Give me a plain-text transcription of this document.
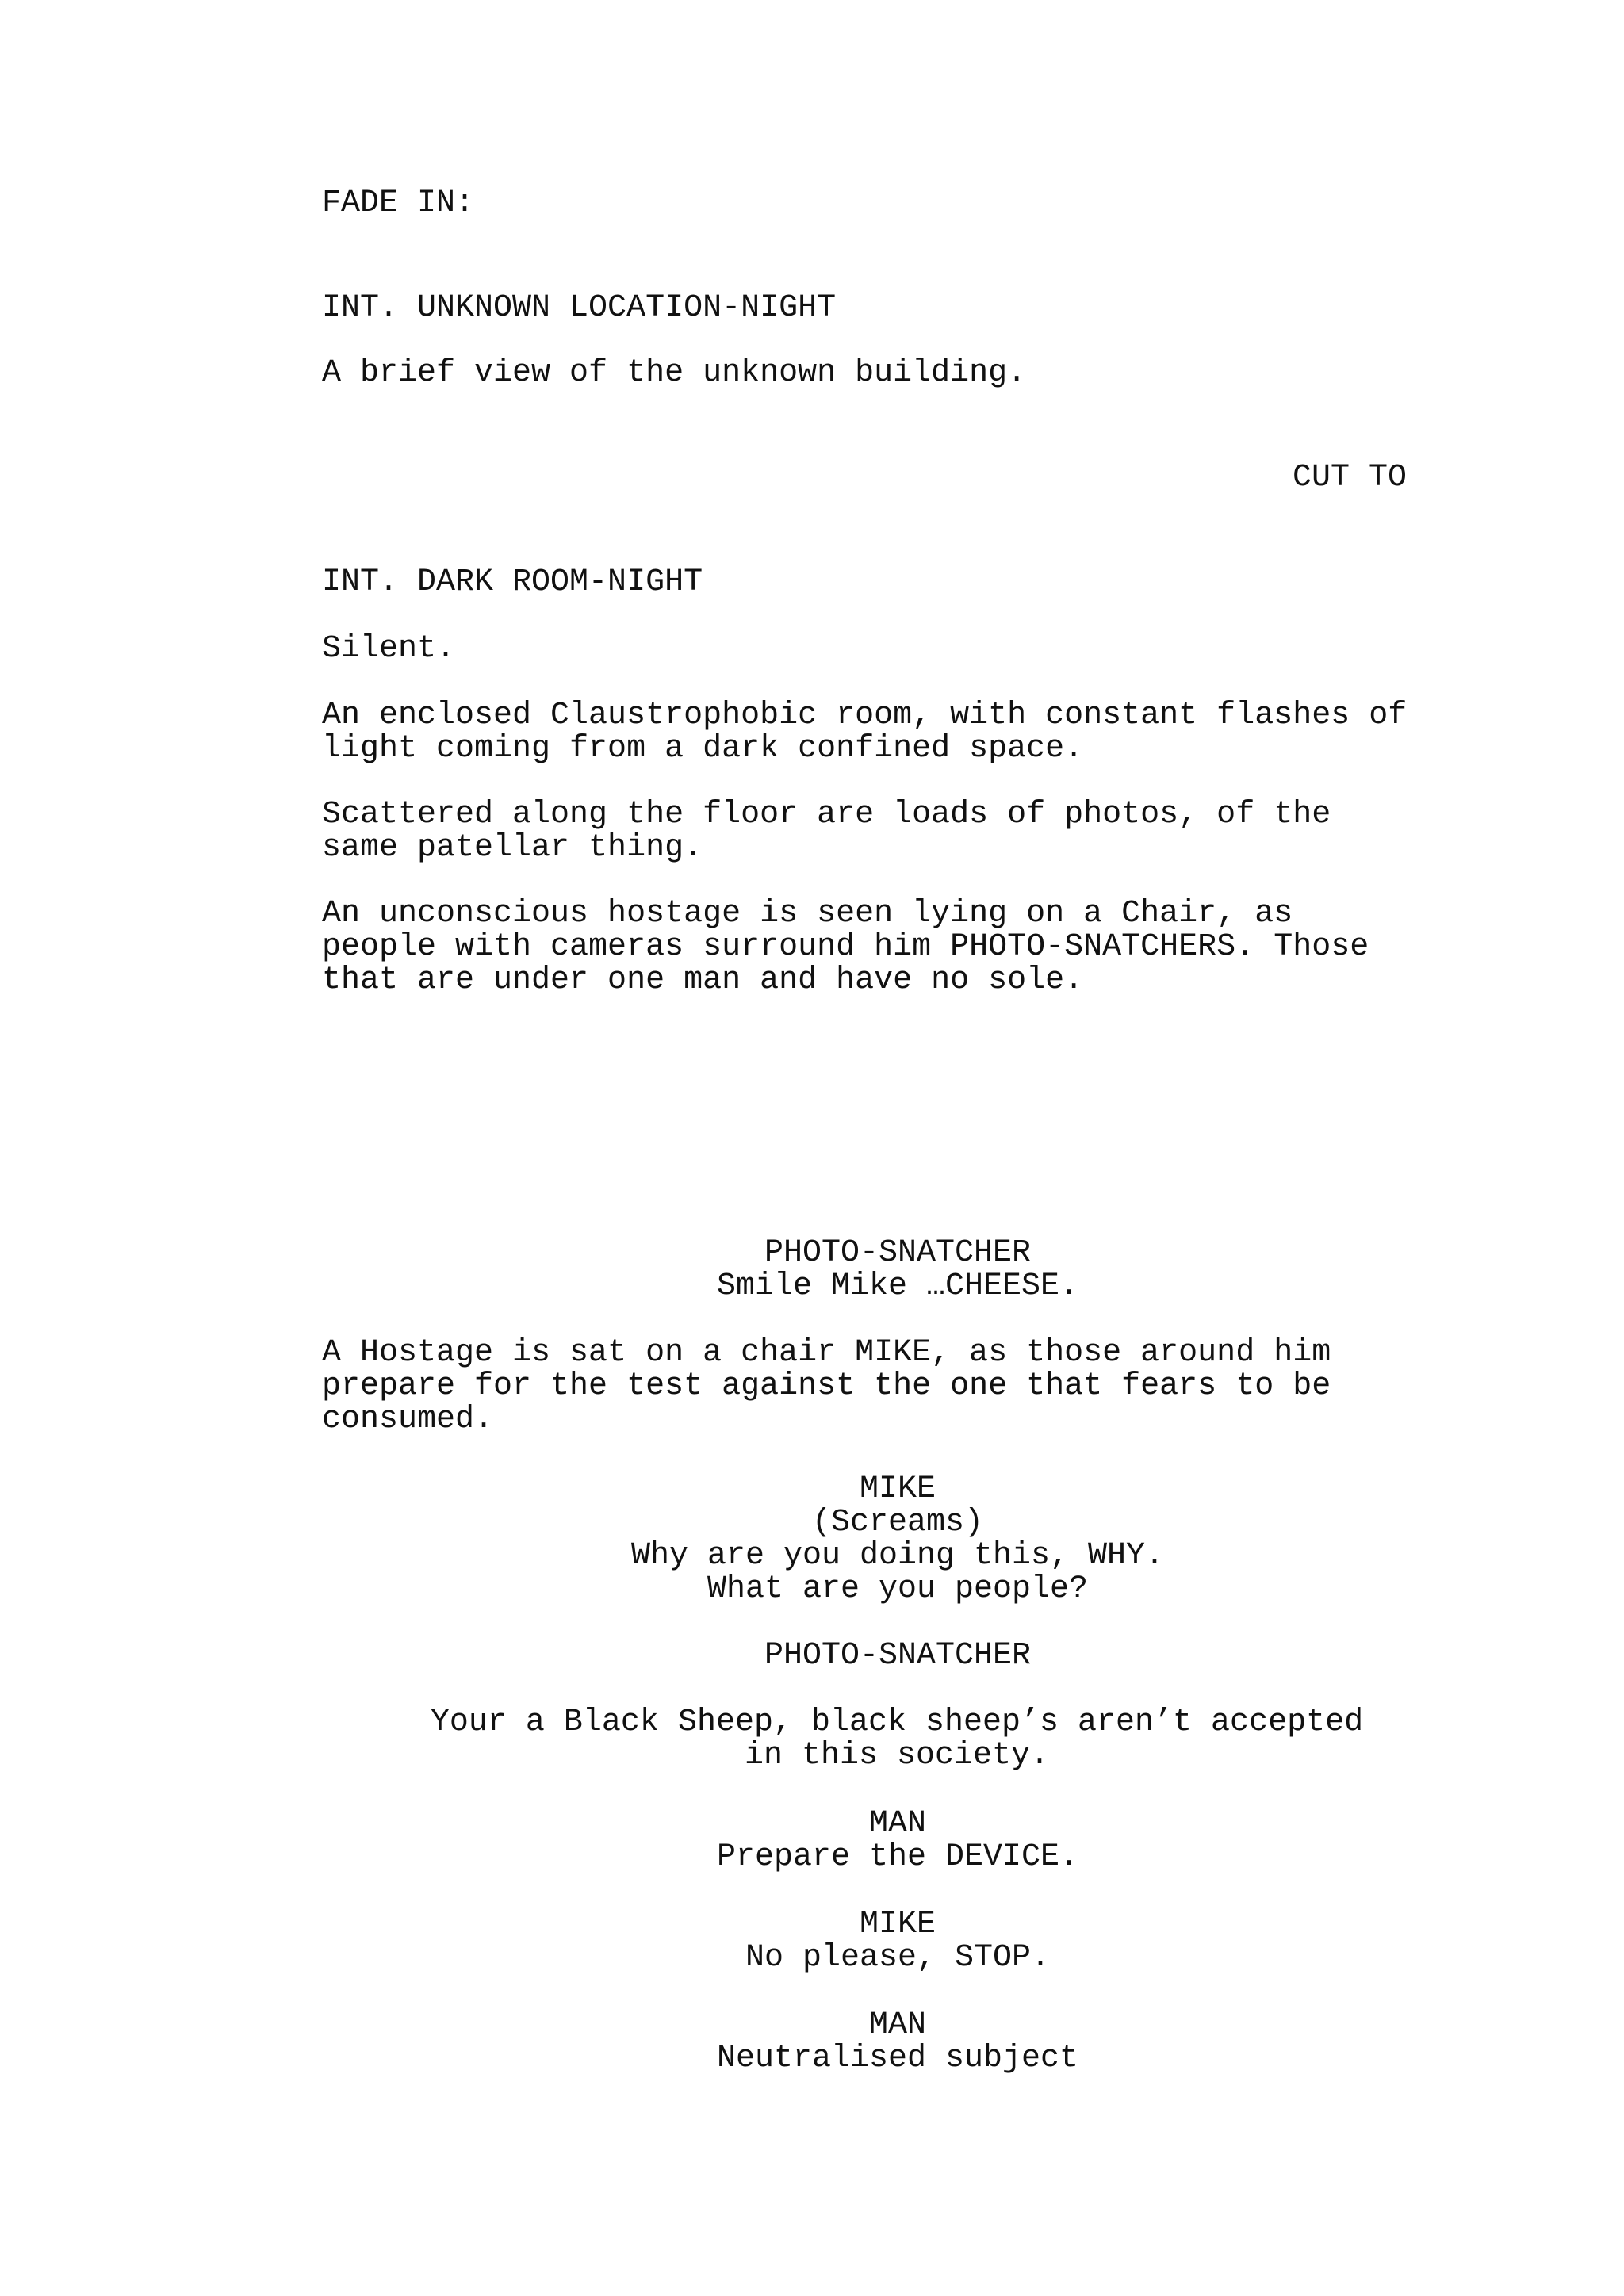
FADE IN:

INT. UNKNOWN LOCATION-NIGHT

A brief view of the unknown building.

CUT TO

INT. DARK ROOM-NIGHT

Silent.

An enclosed Claustrophobic room, with constant flashes of

light coming from a dark confined space.

Scattered along the floor are loads of photos, of the

same patellar thing.

An unconscious hostage is seen lying on a Chair, as

people with cameras surround him PHOTO-SNATCHERS. Those

that are under one man and have no sole.

PHOTO-SNATCHER

Smile Mike …CHEESE.

A Hostage is sat on a chair MIKE, as those around him

prepare for the test against the one that fears to be

consumed.

MIKE

(Screams)

Why are you doing this, WHY.

What are you people?

PHOTO-SNATCHER

Your a Black Sheep, black sheep’s aren’t accepted

in this society.

MAN

Prepare the DEVICE.

MIKE

No please, STOP.

MAN

Neutralised subject
